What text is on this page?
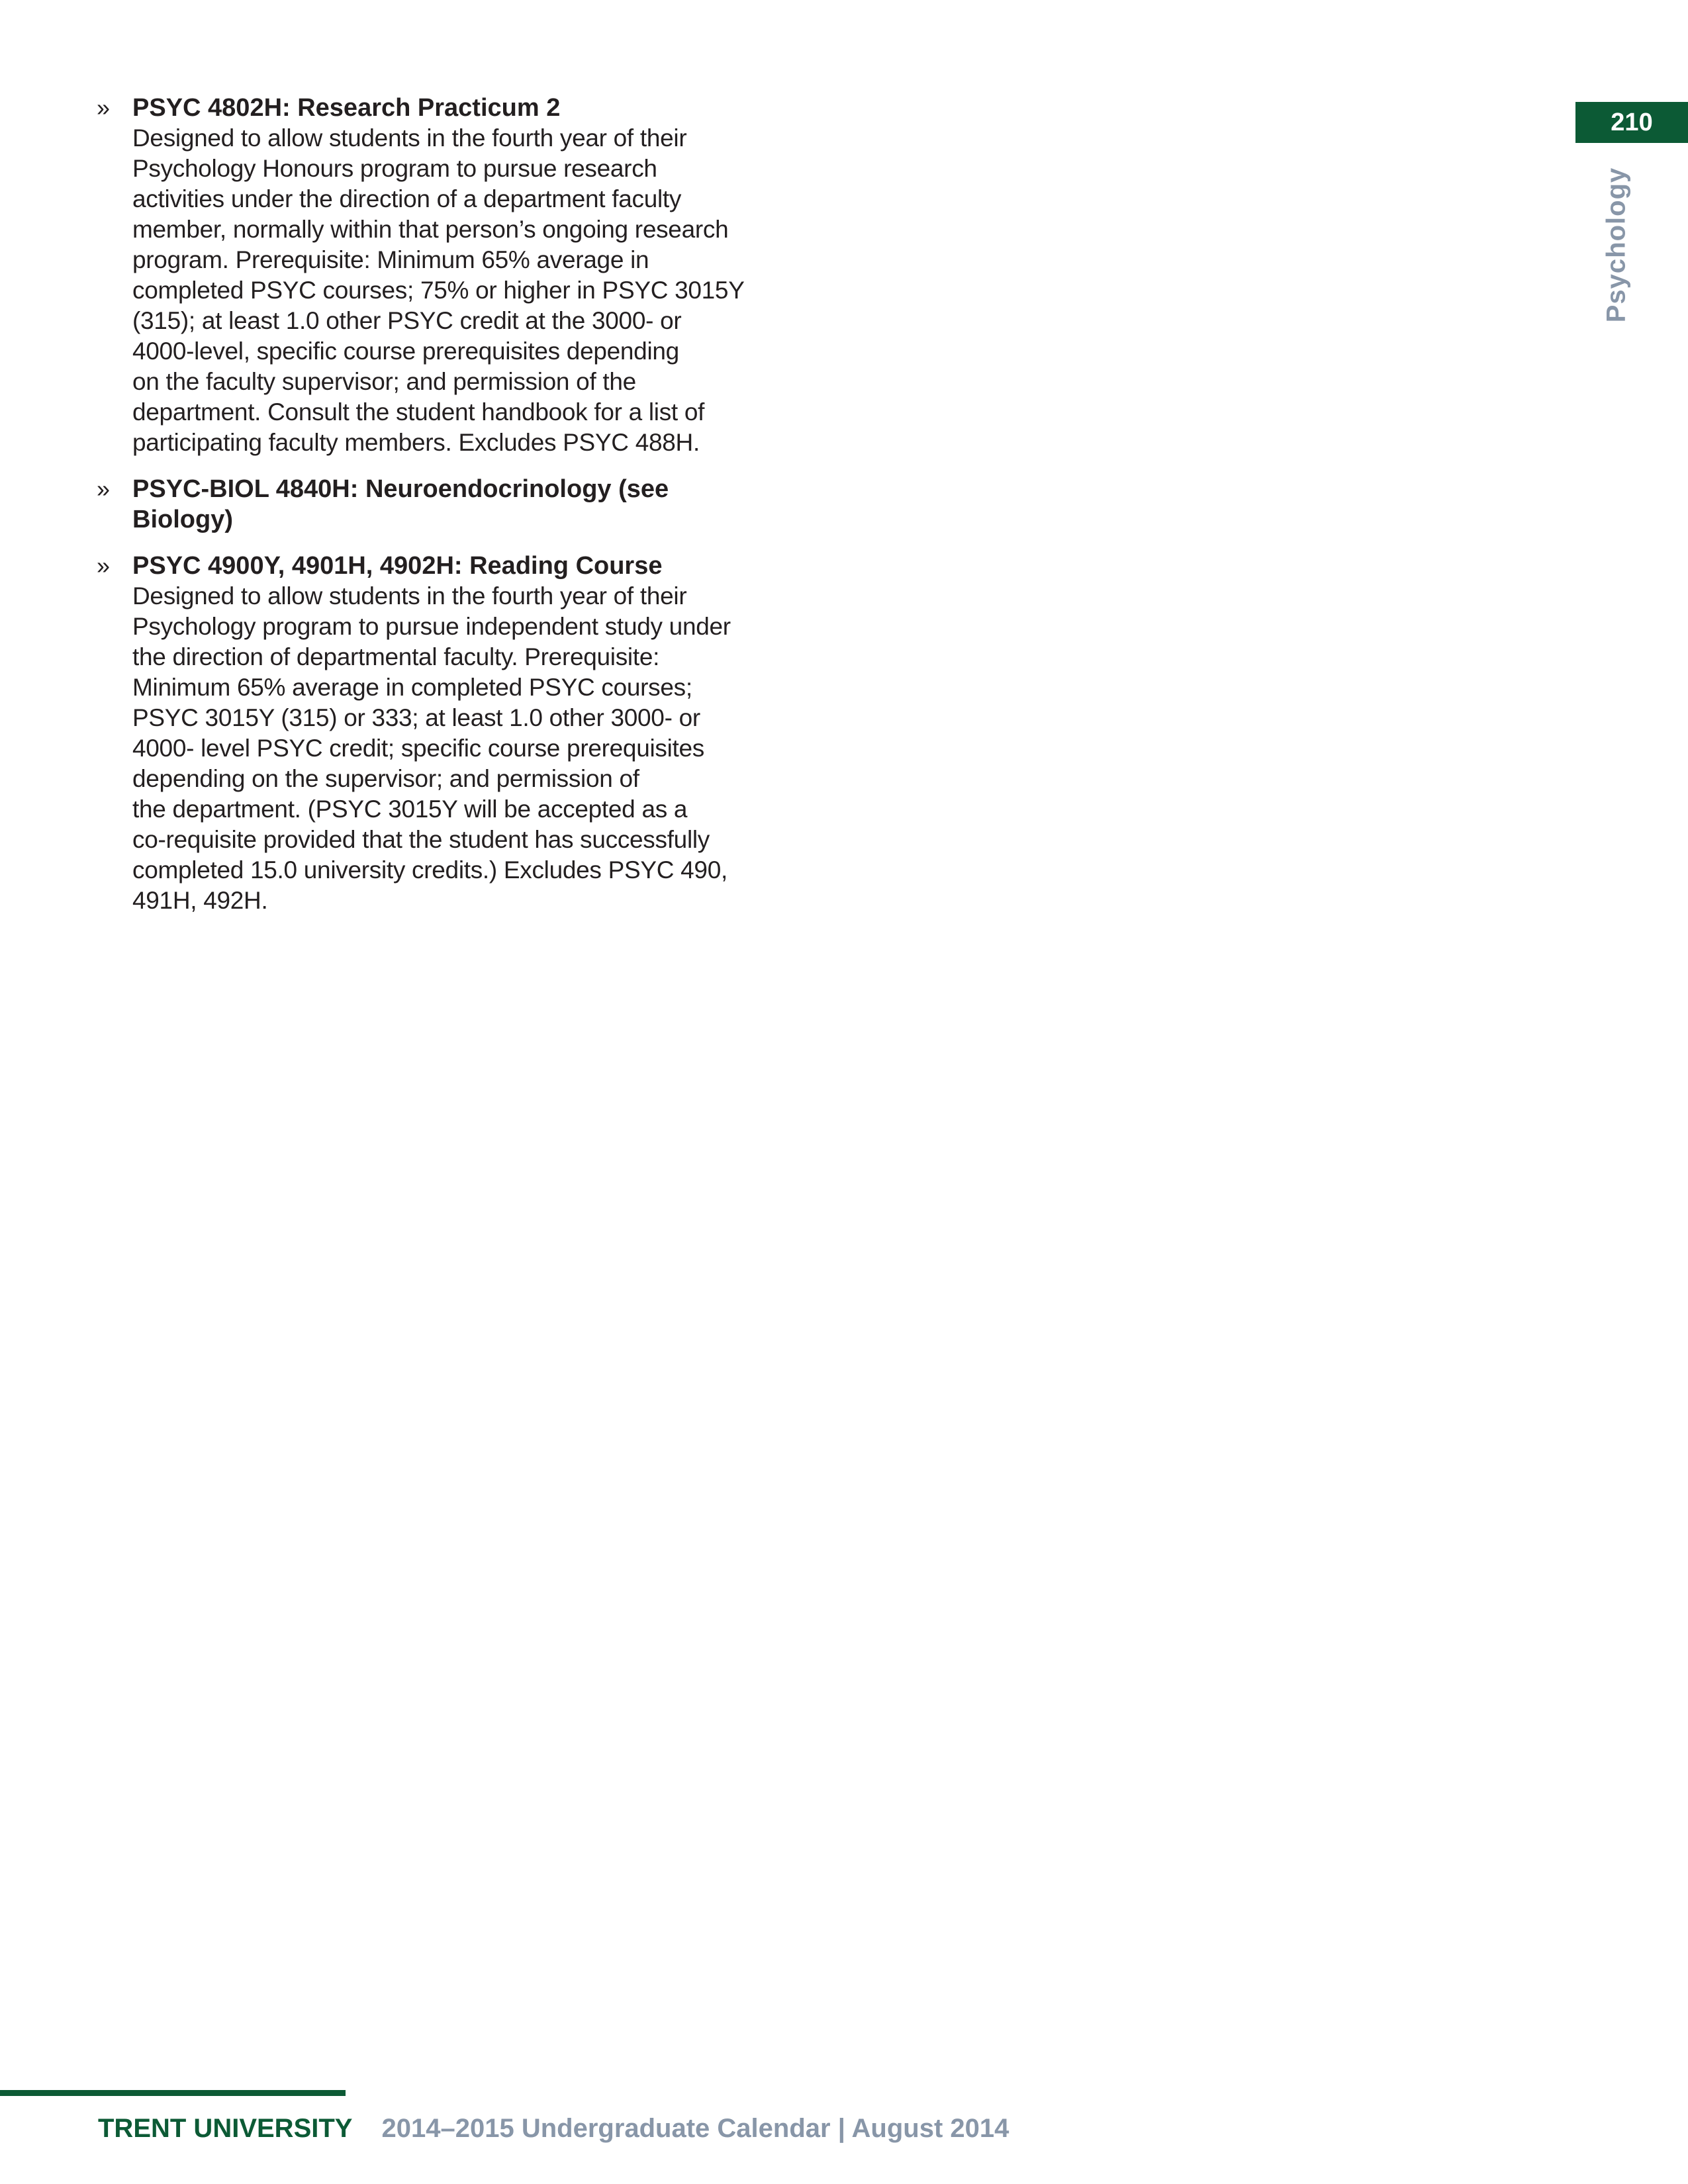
210
Psychology
» PSYC 4802H: Research Practicum 2

Designed to allow students in the fourth year of their
Psychology Honours program to pursue research
activities under the direction of a department faculty
member, normally within that person’s ongoing research
program. Prerequisite: Minimum 65% average in
completed PSYC courses; 75% or higher in PSYC 3015Y
(315); at least 1.0 other PSYC credit at the 3000- or
4000-level, specific course prerequisites depending
on the faculty supervisor; and permission of the
department. Consult the student handbook for a list of
participating faculty members. Excludes PSYC 488H.

» PSYC-BIOL 4840H: Neuroendocrinology (see
Biology)

» PSYC 4900Y, 4901H, 4902H: Reading Course

Designed to allow students in the fourth year of their
Psychology program to pursue independent study under
the direction of departmental faculty. Prerequisite:
Minimum 65% average in completed PSYC courses;
PSYC 3015Y (315) or 333; at least 1.0 other 3000- or
4000- level PSYC credit; specific course prerequisites
depending on the supervisor; and permission of
the department. (PSYC 3015Y will be accepted as a
co-requisite provided that the student has successfully
completed 15.0 university credits.) Excludes PSYC 490,
491H, 492H.

TRENT UNIVERSITY 2014–2015 Undergraduate Calendar | August 2014
